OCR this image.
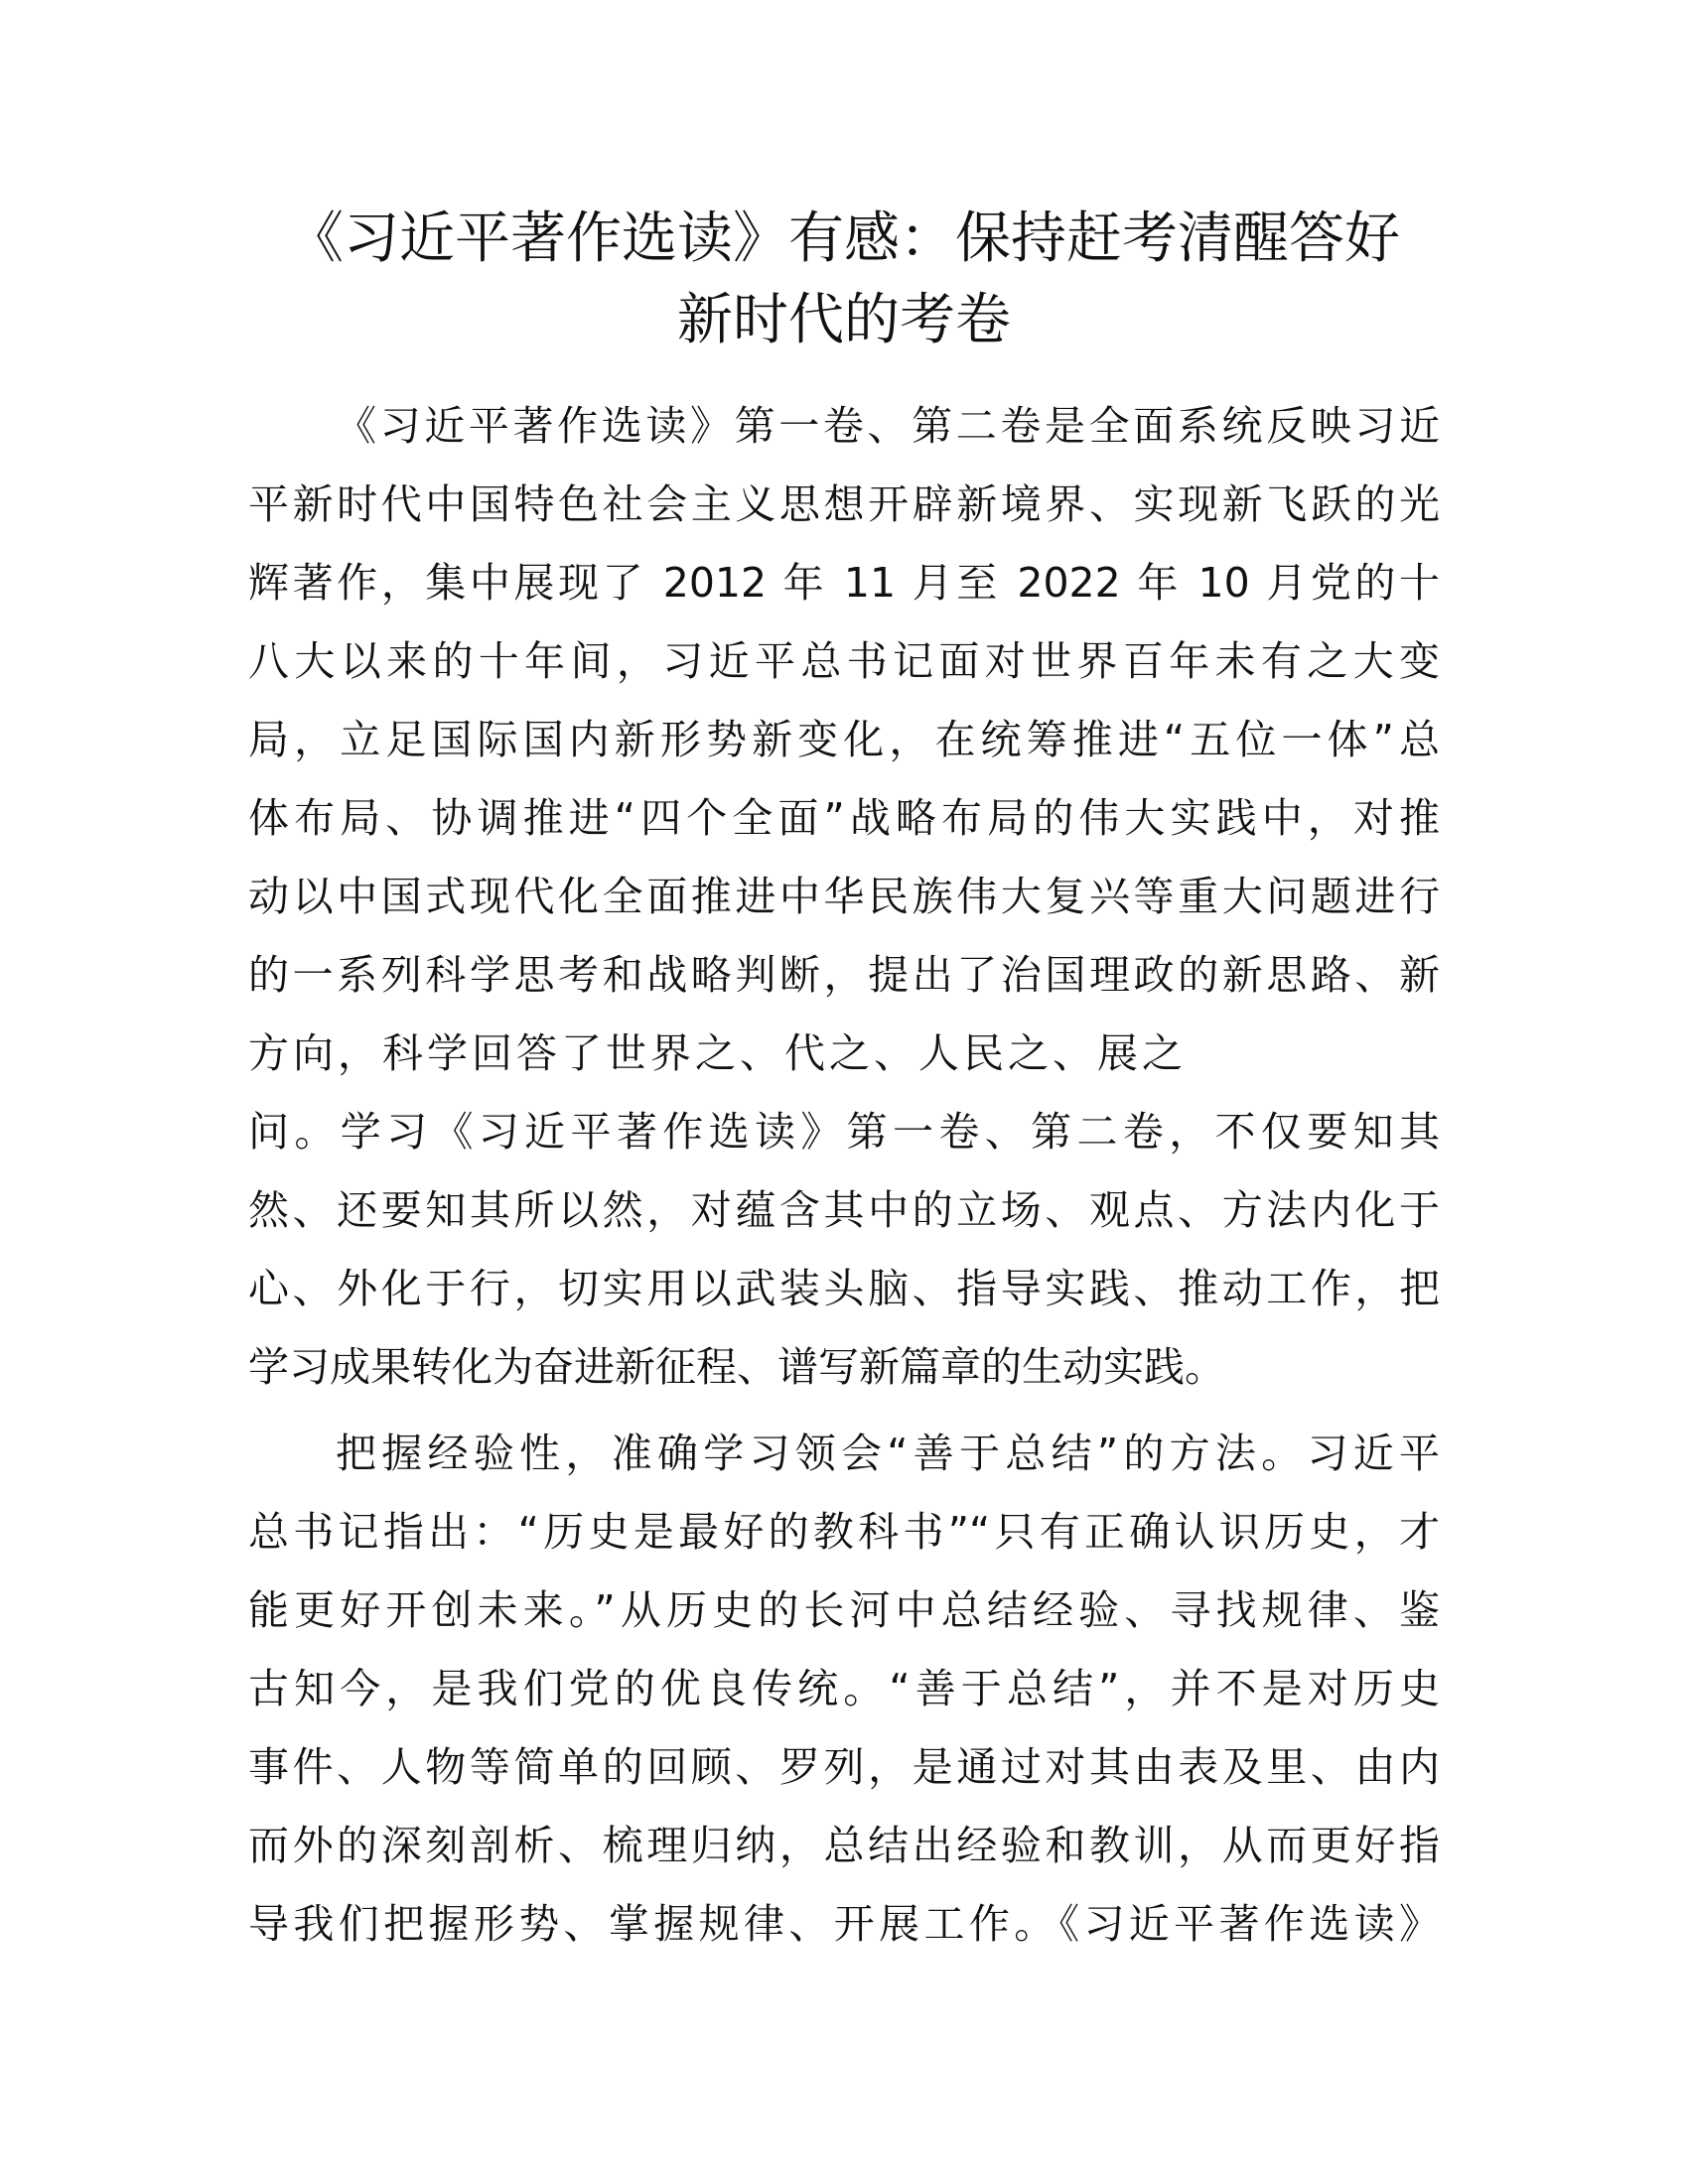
《习近平著作选读》有感：保持赶考清醒答好
新时代的考卷
《习近平著作选读》第一卷、第二卷是全面系统反映习近
平新时代中国特色社会主义思想开辟新境界、实现新飞跃的光
辉著作，集中展现了 2012 年 11 月至 2022 年 10 月党的十
八大以来的十年间，习近平总书记面对世界百年未有之大变
局，立足国际国内新形势新变化，在统筹推进“五位一体”总
体布局、协调推进“四个全面”战略布局的伟大实践中，对推
动以中国式现代化全面推进中华民族伟大复兴等重大问题进行
的一系列科学思考和战略判断，提出了治国理政的新思路、新
方向，科学回答了世界之、代之、人民之、展之
问。学习《习近平著作选读》第一卷、第二卷，不仅要知其
然、还要知其所以然，对蕴含其中的立场、观点、方法内化于
心、外化于行，切实用以武装头脑、指导实践、推动工作，把
学习成果转化为奋进新征程、谱写新篇章的生动实践。
把握经验性，准确学习领会“善于总结”的方法。习近平
总书记指出：“历史是最好的教科书”“只有正确认识历史，才
能更好开创未来。”从历史的长河中总结经验、寻找规律、鉴
古知今，是我们党的优良传统。“善于总结”，并不是对历史
事件、人物等简单的回顾、罗列，是通过对其由表及里、由内
而外的深刻剖析、梳理归纳，总结出经验和教训，从而更好指
导我们把握形势、掌握规律、开展工作。《习近平著作选读》
